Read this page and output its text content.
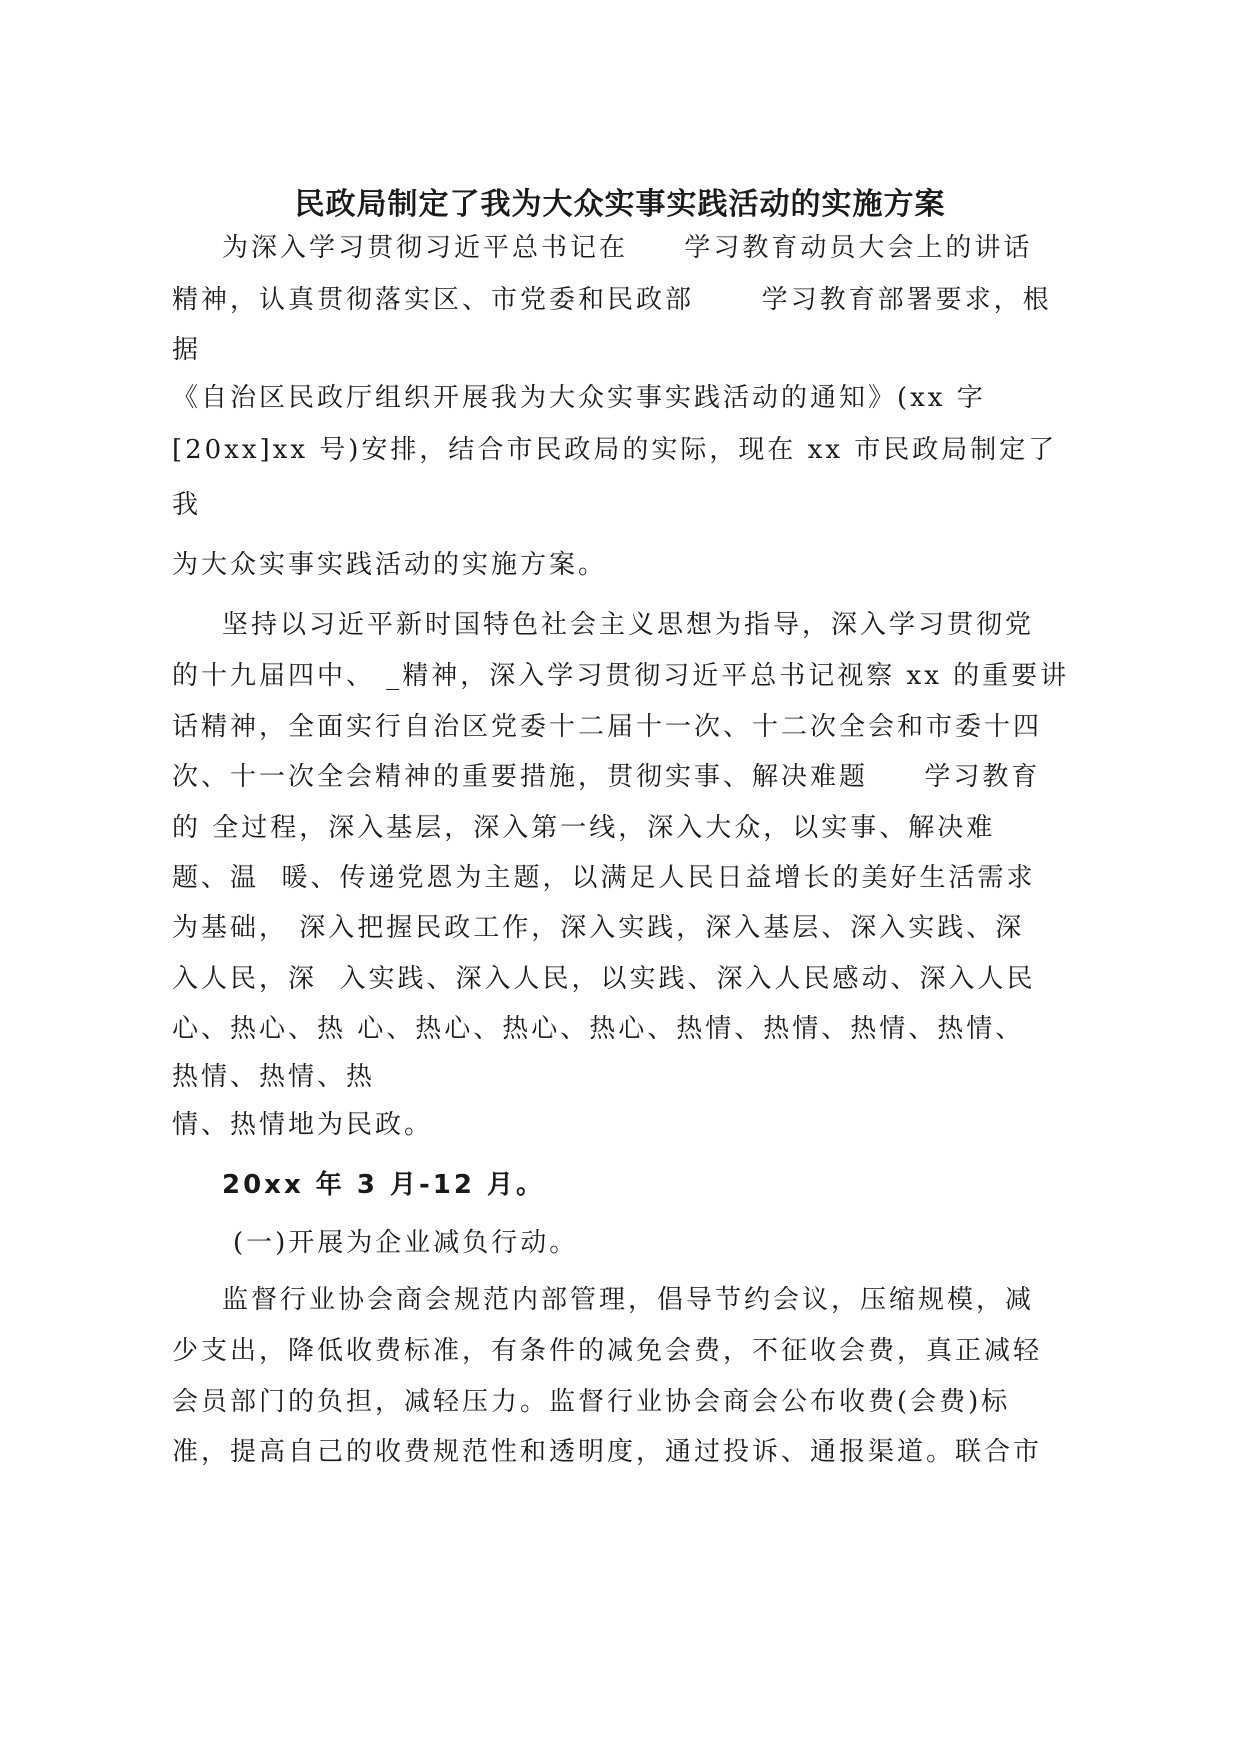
民政局制定了我为大众实事实践活动的实施方案
为深入学习贯彻习近平总书记在     学习教育动员大会上的讲话
精神，认真贯彻落实区、市党委和民政部      学习教育部署要求，根
据
《自治区民政厅组织开展我为大众实事实践活动的通知》(xx 字
[20xx]xx 号)安排，结合市民政局的实际，现在 xx 市民政局制定了
我
为大众实事实践活动的实施方案。
坚持以习近平新时国特色社会主义思想为指导，深入学习贯彻党
的十九届四中、 _精神，深入学习贯彻习近平总书记视察 xx 的重要讲
话精神，全面实行自治区党委十二届十一次、十二次全会和市委十四
次、十一次全会精神的重要措施，贯彻实事、解决难题     学习教育
的 全过程，深入基层，深入第一线，深入大众，以实事、解决难
题、温  暖、传递党恩为主题，以满足人民日益增长的美好生活需求
为基础， 深入把握民政工作，深入实践，深入基层、深入实践、深
入人民，深  入实践、深入人民，以实践、深入人民感动、深入人民
心、热心、热 心、热心、热心、热心、热情、热情、热情、热情、
热情、热情、热
情、热情地为民政。
20xx 年 3 月-12 月。
(一)开展为企业减负行动。
监督行业协会商会规范内部管理，倡导节约会议，压缩规模，减
少支出，降低收费标准，有条件的减免会费，不征收会费，真正减轻
会员部门的负担，减轻压力。监督行业协会商会公布收费(会费)标
准，提高自己的收费规范性和透明度，通过投诉、通报渠道。联合市
